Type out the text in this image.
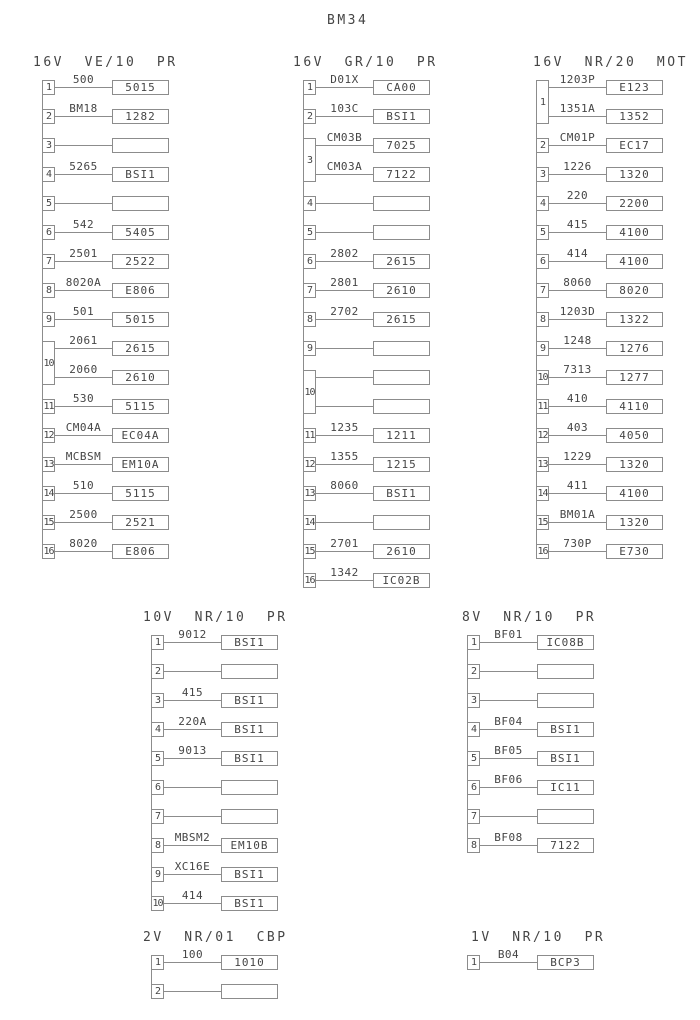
BM34
16V  VE/10  PR
500
5015
1
BM18
1282
2
3
5265
BSI1
4
5
542
5405
6
2501
2522
7
8020A
E806
8
501
5015
9
2061
2615
2060
2610
10
530
5115
11
CM04A
EC04A
12
MCBSM
EM10A
13
510
5115
14
2500
2521
15
8020
E806
16
16V  GR/10  PR
D01X
CA00
1
103C
BSI1
2
CM03B
7025
CM03A
7122
3
4
5
2802
2615
6
2801
2610
7
2702
2615
8
9
10
1235
1211
11
1355
1215
12
8060
BSI1
13
14
2701
2610
15
1342
IC02B
16
16V  NR/20  MOT
1203P
E123
1351A
1352
1
CM01P
EC17
2
1226
1320
3
220
2200
4
415
4100
5
414
4100
6
8060
8020
7
1203D
1322
8
1248
1276
9
7313
1277
10
410
4110
11
403
4050
12
1229
1320
13
411
4100
14
BM01A
1320
15
730P
E730
16
10V  NR/10  PR
9012
BSI1
1
2
415
BSI1
3
220A
BSI1
4
9013
BSI1
5
6
7
MBSM2
EM10B
8
XC16E
BSI1
9
414
BSI1
10
8V  NR/10  PR
BF01
IC08B
1
2
3
BF04
BSI1
4
BF05
BSI1
5
BF06
IC11
6
7
BF08
7122
8
2V  NR/01  CBP
100
1010
1
2
1V  NR/10  PR
B04
BCP3
1
